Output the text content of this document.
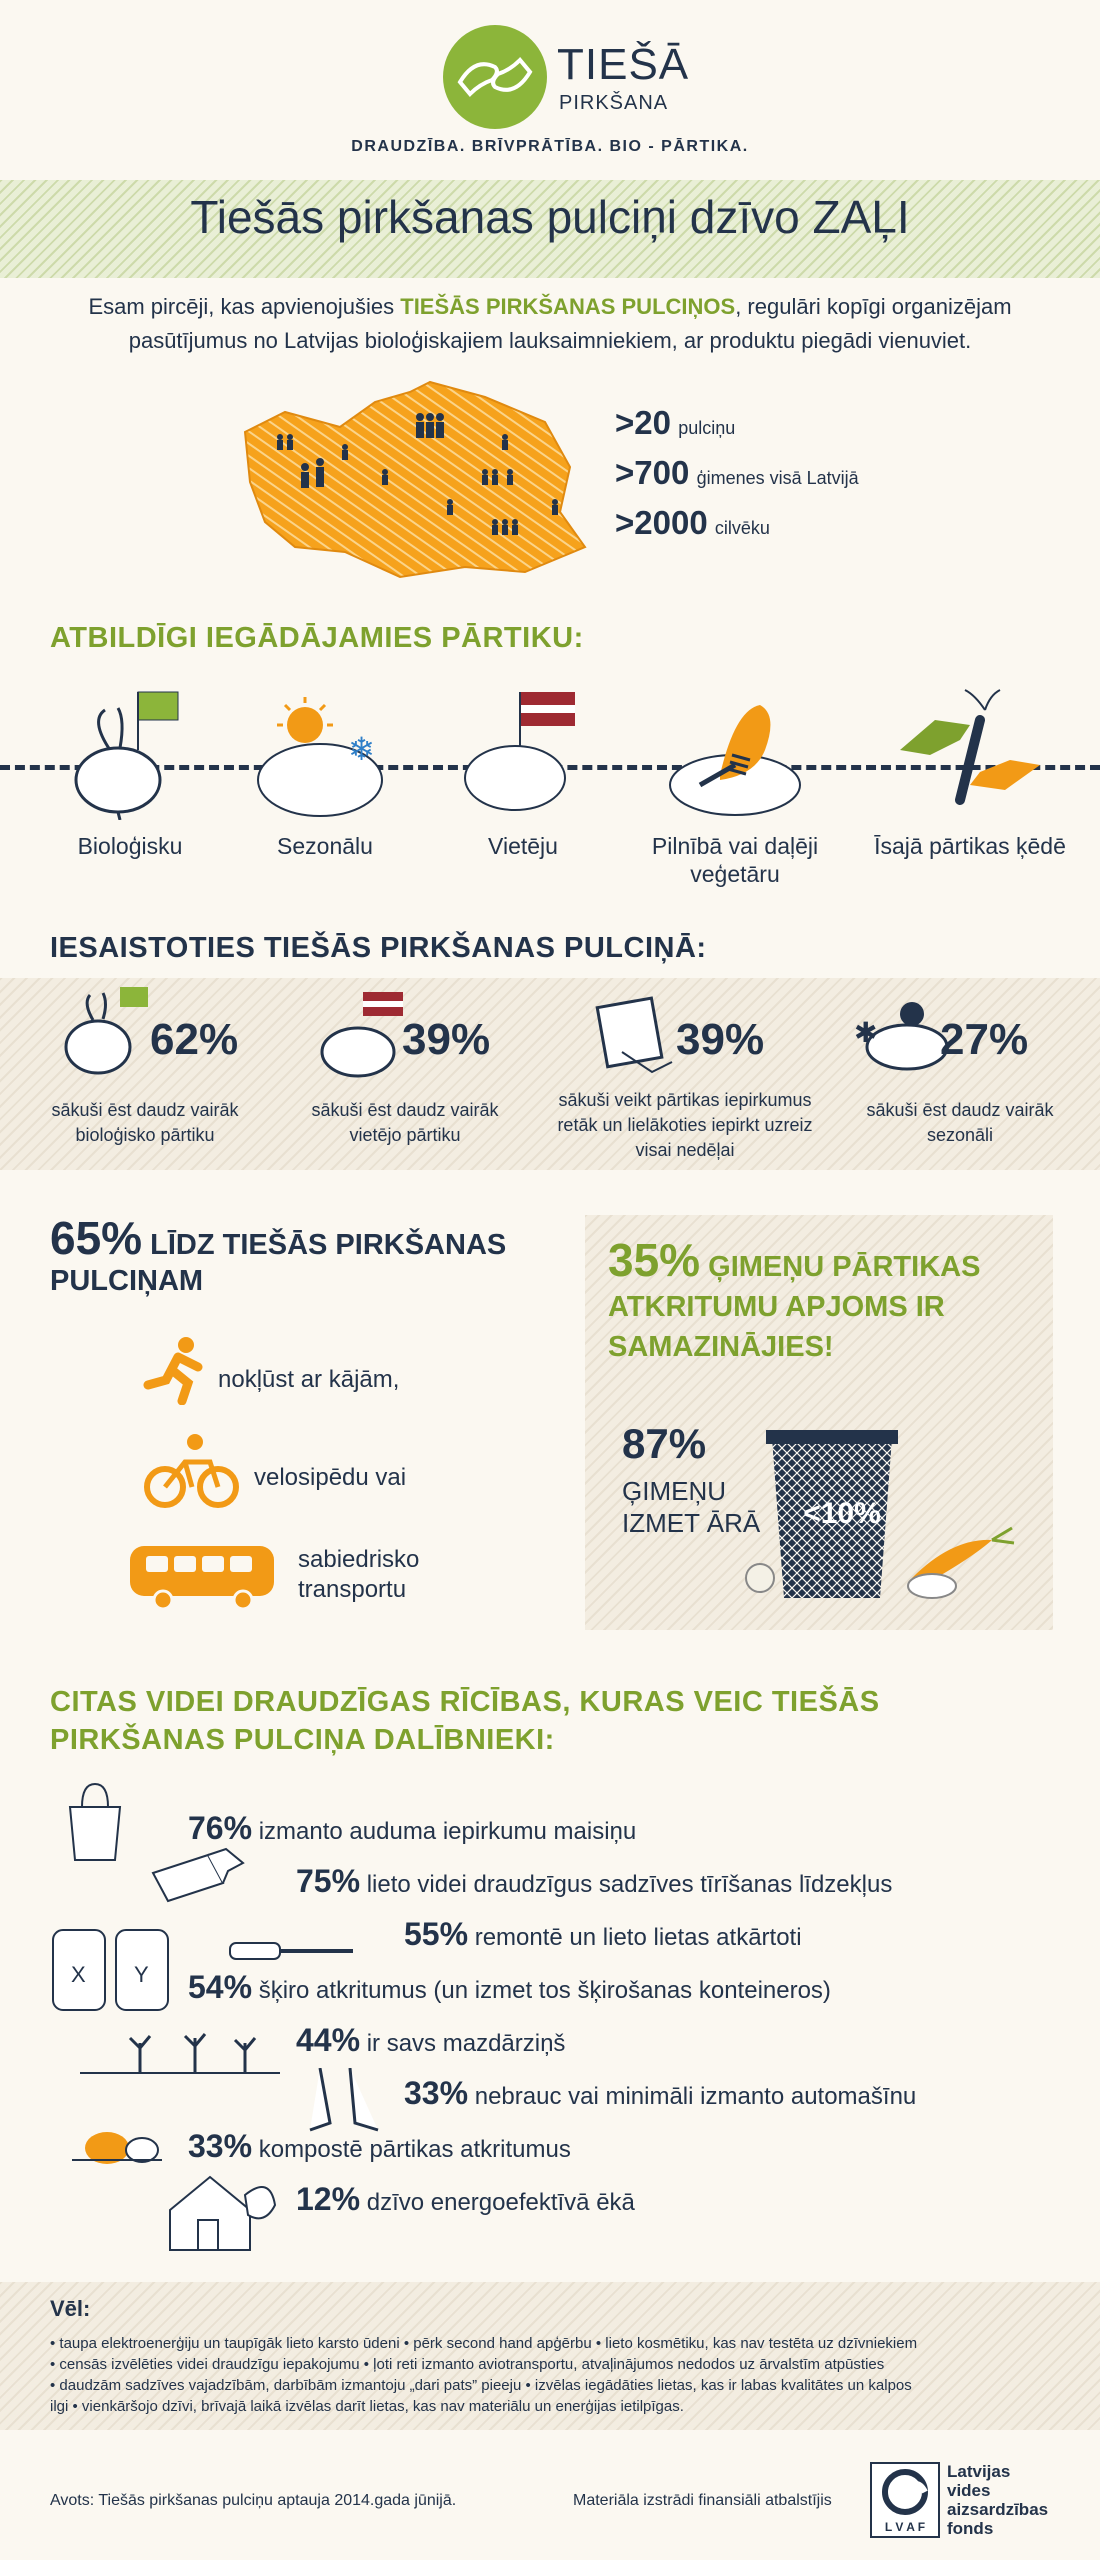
TIEŠĀ
PIRKŠANA
DRAUDZĪBA. BRĪVPRĀTĪBA. BIO - PĀRTIKA.
Tiešās pirkšanas pulciņi dzīvo ZAĻI
Esam pircēji, kas apvienojušies TIEŠĀS PIRKŠANAS PULCIŅOS, regulāri kopīgi organizējam pasūtījumus no Latvijas bioloģiskajiem lauksaimniekiem, ar produktu piegādi vienuviet.
>20 pulciņu
>700 ģimenes visā Latvijā
>2000 cilvēku
ATBILDĪGI IEGĀDĀJAMIES PĀRTIKU:
❄
Bioloģisku	Sezonālu	Vietēju	Pilnībā vai daļēji veģetāru
Īsajā pārtikas ķēdē
IESAISTOTIES TIEŠĀS PIRKŠANAS PULCIŅĀ:
62%	39%	39%	✱ 27%
sākuši ēst daudz vairāk bioloģisko pārtiku
sākuši ēst daudz vairāk vietējo pārtiku
sākuši veikt pārtikas iepirkumus retāk un lielākoties iepirkt uzreiz visai nedēļai
sākuši ēst daudz vairāk sezonāli
65% LĪDZ TIEŠĀS PIRKŠANAS PULCIŅAM
nokļūst ar kājām,
velosipēdu vai
sabiedrisko transportu
35% ĢIMEŅU PĀRTIKAS ATKRITUMU APJOMS IR SAMAZINĀJIES!
87%
ĢIMEŅU IZMET ĀRĀ	<10%
CITAS VIDEI DRAUDZĪGAS RĪCĪBAS, KURAS VEIC TIEŠĀS PIRKŠANAS PULCIŅA DALĪBNIEKI:
X Y
76% izmanto auduma iepirkumu maisiņu
75% lieto videi draudzīgus sadzīves tīrīšanas līdzekļus
55% remontē un lieto lietas atkārtoti
54% šķiro atkritumus (un izmet tos šķirošanas konteineros)
44% ir savs mazdārziņš
33% nebrauc vai minimāli izmanto automašīnu
33% kompostē pārtikas atkritumus
12% dzīvo energoefektīvā ēkā
Vēl:
• taupa elektroenerģiju un taupīgāk lieto karsto ūdeni • pērk second hand apģērbu • lieto kosmētiku, kas nav testēta uz dzīvniekiem
• censās izvēlēties videi draudzīgu iepakojumu • ļoti reti izmanto aviotransportu, atvaļinājumos nedodos uz ārvalstīm atpūsties
• daudzām sadzīves vajadzībām, darbībām izmantoju „dari pats” pieeju • izvēlas iegādāties lietas, kas ir labas kvalitātes un kalpos
ilgi • vienkāršojo dzīvi, brīvajā laikā izvēlas darīt lietas, kas nav materiālu un enerģijas ietilpīgas.
Avots: Tiešās pirkšanas pulciņu aptauja 2014.gada jūnijā.	Materiāla izstrādi finansiāli atbalstījis
L V A F
Latvijas
vides
aizsardzības
fonds
